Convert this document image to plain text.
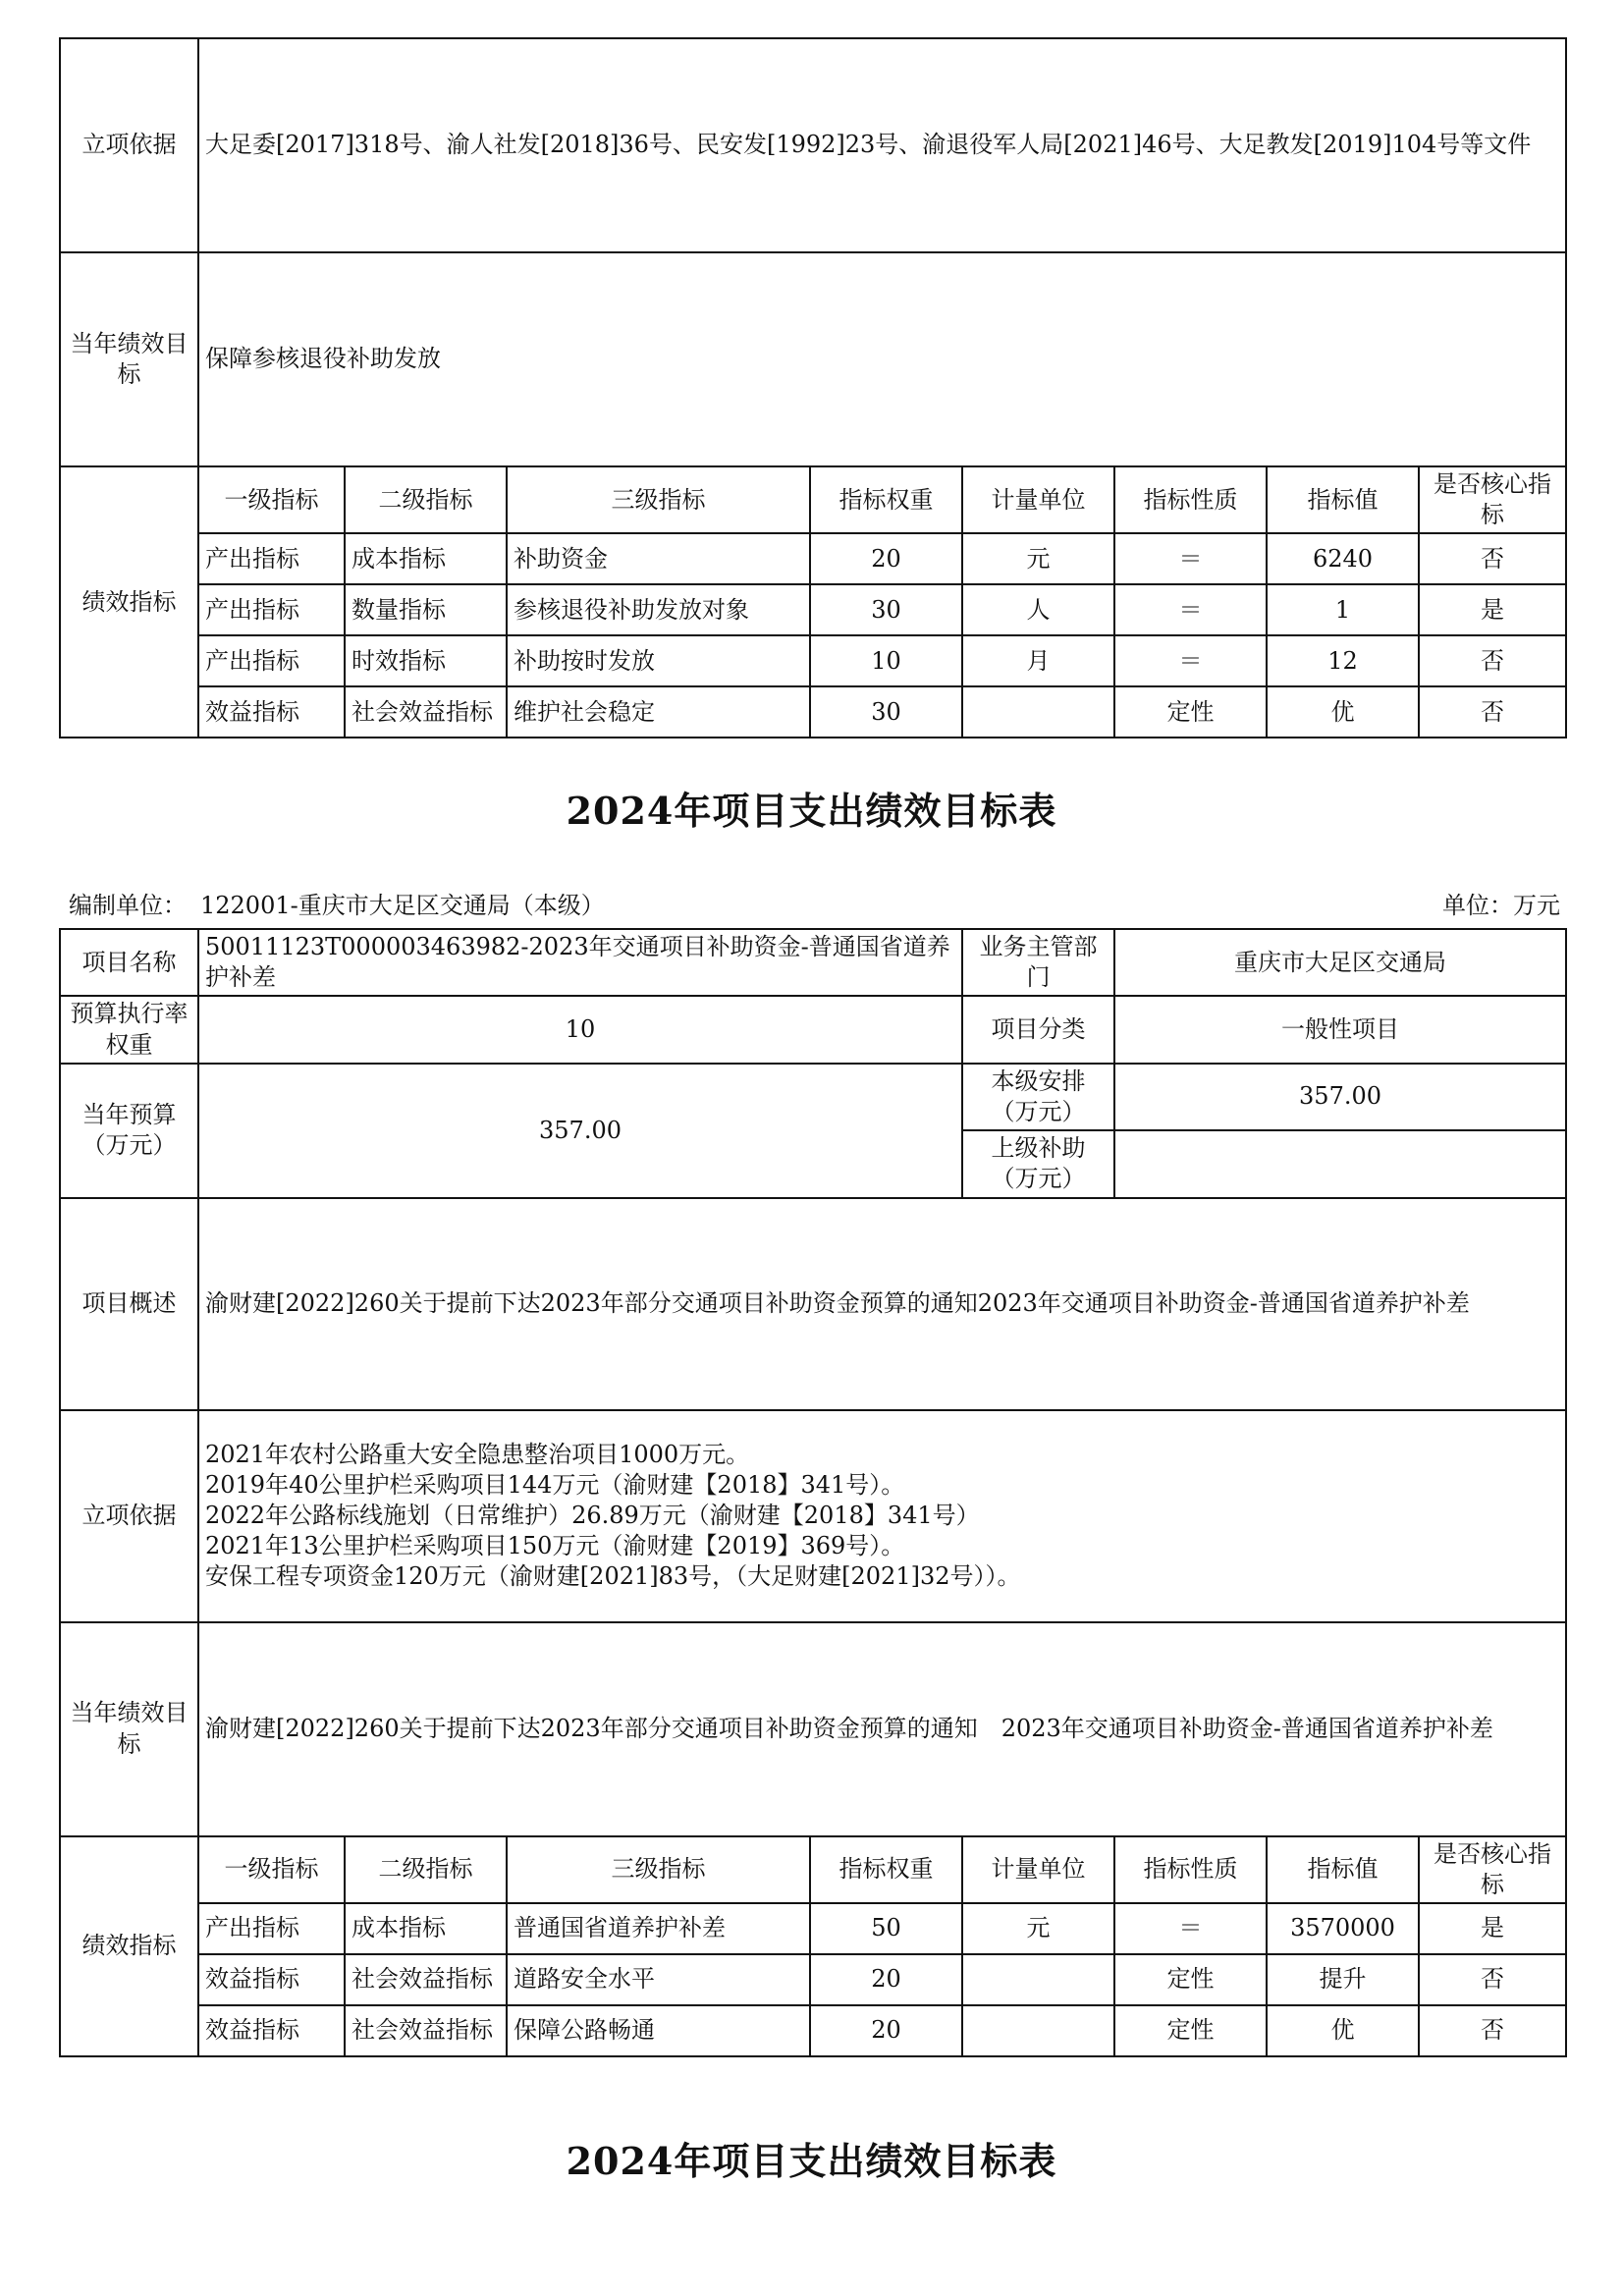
立项依据	大足委[2017]318号、渝人社发[2018]36号、民安发[1992]23号、渝退役军人局[2021]46号、大足教发[2019]104号等文件							
当年绩效目标	保障参核退役补助发放							
绩效指标	一级指标	二级指标	三级指标	指标权重	计量单位	指标性质	指标值	是否核心指标
	产出指标	成本指标	补助资金	20	元	＝	6240	否
	产出指标	数量指标	参核退役补助发放对象	30	人	＝	1	是
	产出指标	时效指标	补助按时发放	10	月	＝	12	否
	效益指标	社会效益指标	维护社会稳定	30		定性	优	否
2024年项目支出绩效目标表
编制单位： 122001-重庆市大足区交通局（本级）	单位：万元
项目名称	50011123T000003463982-2023年交通项目补助资金-普通国省道养护补差				业务主管部门	重庆市大足区交通局		
预算执行率权重	10				项目分类	一般性项目		
当年预算（万元）	357.00				本级安排（万元）	357.00		
					上级补助（万元）			
项目概述	渝财建[2022]260关于提前下达2023年部分交通项目补助资金预算的通知2023年交通项目补助资金-普通国省道养护补差							
立项依据	2021年农村公路重大安全隐患整治项目1000万元。
2019年40公里护栏采购项目144万元（渝财建【2018】341号）。
2022年公路标线施划（日常维护）26.89万元（渝财建【2018】341号）
2021年13公里护栏采购项目150万元（渝财建【2019】369号）。
安保工程专项资金120万元（渝财建[2021]83号，（大足财建[2021]32号））。							

当年绩效目标	渝财建[2022]260关于提前下达2023年部分交通项目补助资金预算的通知　2023年交通项目补助资金-普通国省道养护补差							
绩效指标	一级指标	二级指标	三级指标	指标权重	计量单位	指标性质	指标值	是否核心指标
	产出指标	成本指标	普通国省道养护补差	50	元	＝	3570000	是
	效益指标	社会效益指标	道路安全水平	20		定性	提升	否
	效益指标	社会效益指标	保障公路畅通	20		定性	优	否
2024年项目支出绩效目标表
